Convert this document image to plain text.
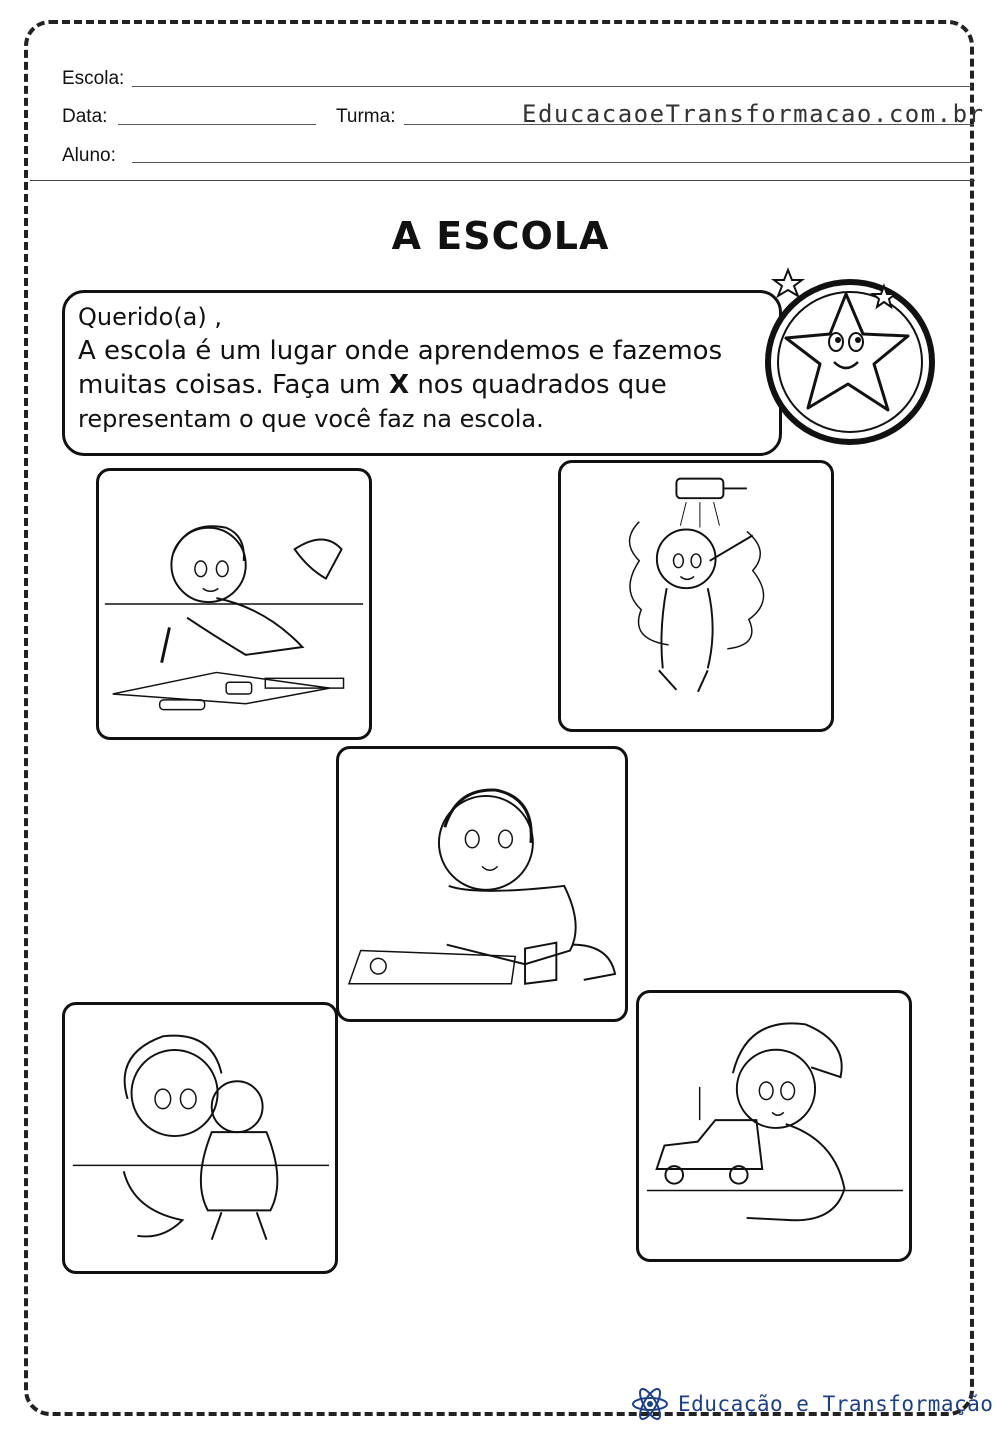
Escola:
Data:	Turma:	EducacaoeTransformacao.com.br
Aluno:
A ESCOLA
Querido(a) ,
A escola é um lugar onde aprendemos e fazemos
muitas coisas. Faça um X nos quadrados que
representam o que você faz na escola.
Educação e Transformação
